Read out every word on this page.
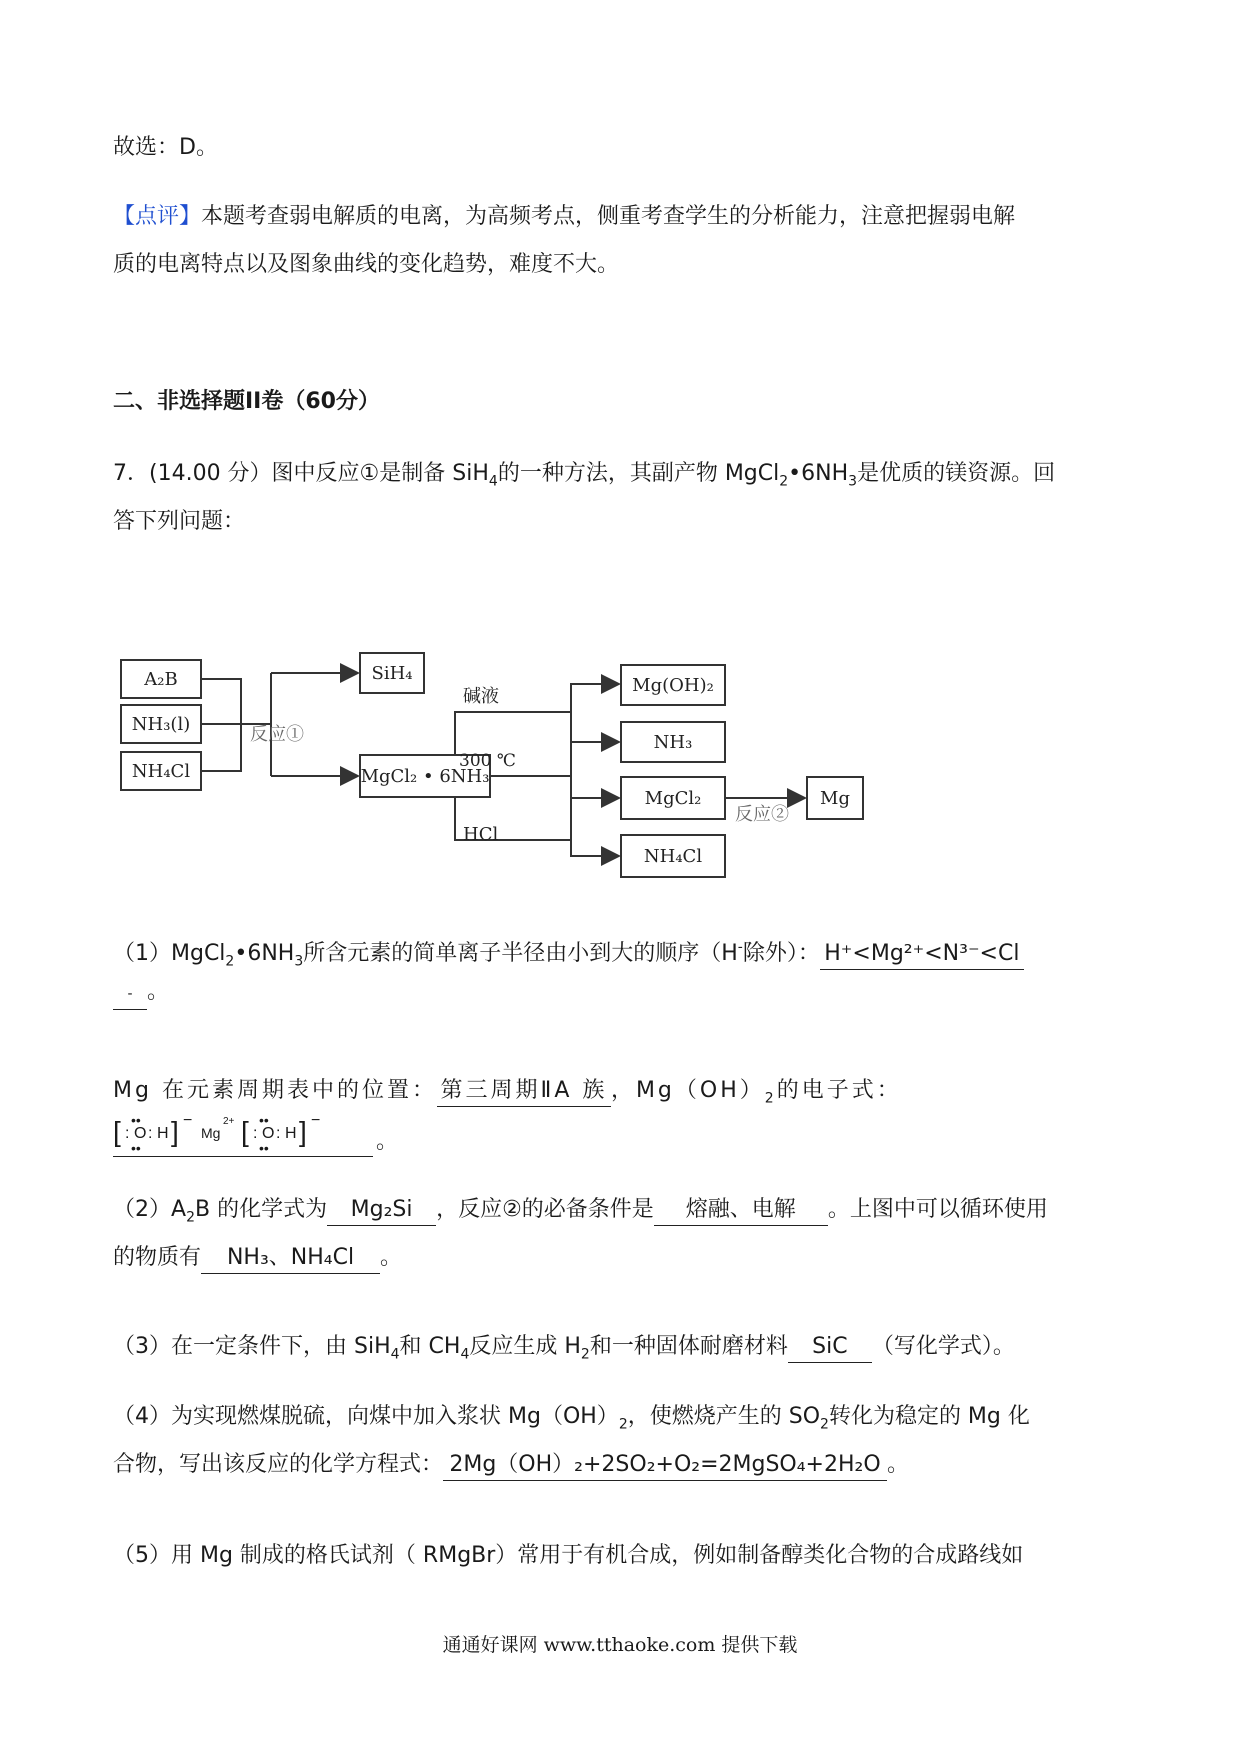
故选：D。
【点评】本题考查弱电解质的电离，为高频考点，侧重考查学生的分析能力，注意把握弱电解
质的电离特点以及图象曲线的变化趋势，难度不大。
二、非选择题II卷（60分）
7．(14.00 分）图中反应①是制备 SiH$_4$的一种方法，其副产物 $MgCl_2•6NH_3$是优质的镁资源。回
答下列问题：
A₂B
NH₃(l)
NH₄Cl
反应①
SiH₄
MgCl₂ • 6NH₃
碱液
300 ℃
HCl
Mg(OH)₂
NH₃
MgCl₂
NH₄Cl
反应②
Mg
$(1)MgCl_2•6NH_3$所含元素的简单离子半径由小到大的顺序（H-除外）： H⁺<Mg²⁺<N³⁻<Cl
- 。
Mg 在元素周期表中的位置： 第三周期ⅡA 族 ，$Mg(OH)_2$的电子式：
[ : O
••
••
: H ] −
Mg
2+ [ : O
••
••
: H ] −
。
$(2)A_2B$ 的化学式为 Mg₂Si ，反应②的必备条件是 熔融、电解 。上图中可以循环使用
的物质有 NH₃、NH₄Cl 。
（3）在一定条件下，由 SiH$_4$和 $CH_4$反应生成 $H_2$和一种固体耐磨材料 SiC （写化学式）。
（4）为实现燃煤脱硫，向煤中加入浆状 $Mg(OH)_2$，使燃烧产生的 $SO_2$转化为稳定的 Mg 化
合物，写出该反应的化学方程式： 2Mg（OH）₂+2SO₂+O₂=2MgSO₄+2H₂O 。
（5）用 Mg 制成的格氏试剂（ RMgBr）常用于有机合成，例如制备醇类化合物的合成路线如
通通好课网 www.tthaoke.com 提供下载
